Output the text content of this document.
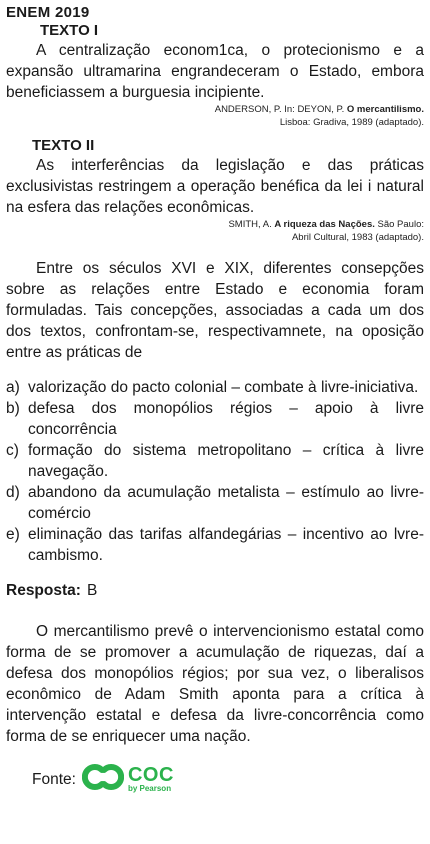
ENEM 2019
TEXTO I

A centralização econom1ca, o protecionismo e a expansão ultramarina engrandeceram o Estado, embora beneficiassem a burguesia incipiente.

ANDERSON, P. In: DEYON, P. O mercantilismo.
Lisboa: Gradiva, 1989 (adaptado).
TEXTO II

As interferências da legislação e das práticas exclusivistas restringem a operação benéfica da lei i natural na esfera das relações econômicas.

SMITH, A. A riqueza das Nações. São Paulo:
Abril Cultural, 1983 (adaptado).

Entre os séculos XVI e XIX, diferentes consepções sobre as relações entre Estado e economia foram formuladas. Tais concepções, associadas a cada um dos dos textos, confrontam-se, respectivamnete, na oposição entre as práticas de

a) valorização do pacto colonial – combate à livre-iniciativa.
b) defesa dos monopólios régios – apoio à livre concorrência
c) formação do sistema metropolitano – crítica à livre navegação.
d) abandono da acumulação metalista – estímulo ao livre-comércio
e) eliminação das tarifas alfandegárias – incentivo ao lvre-cambismo.
Resposta: B

O mercantilismo prevê o intervencionismo estatal como forma de se promover a acumulação de riquezas, daí a defesa dos monopólios régios; por sua vez, o liberalisos econômico de Adam Smith aponta para a crítica à intervenção estatal e defesa da livre-concorrência como forma de se enriquecer uma nação.

Fonte:	COC
by Pearson
